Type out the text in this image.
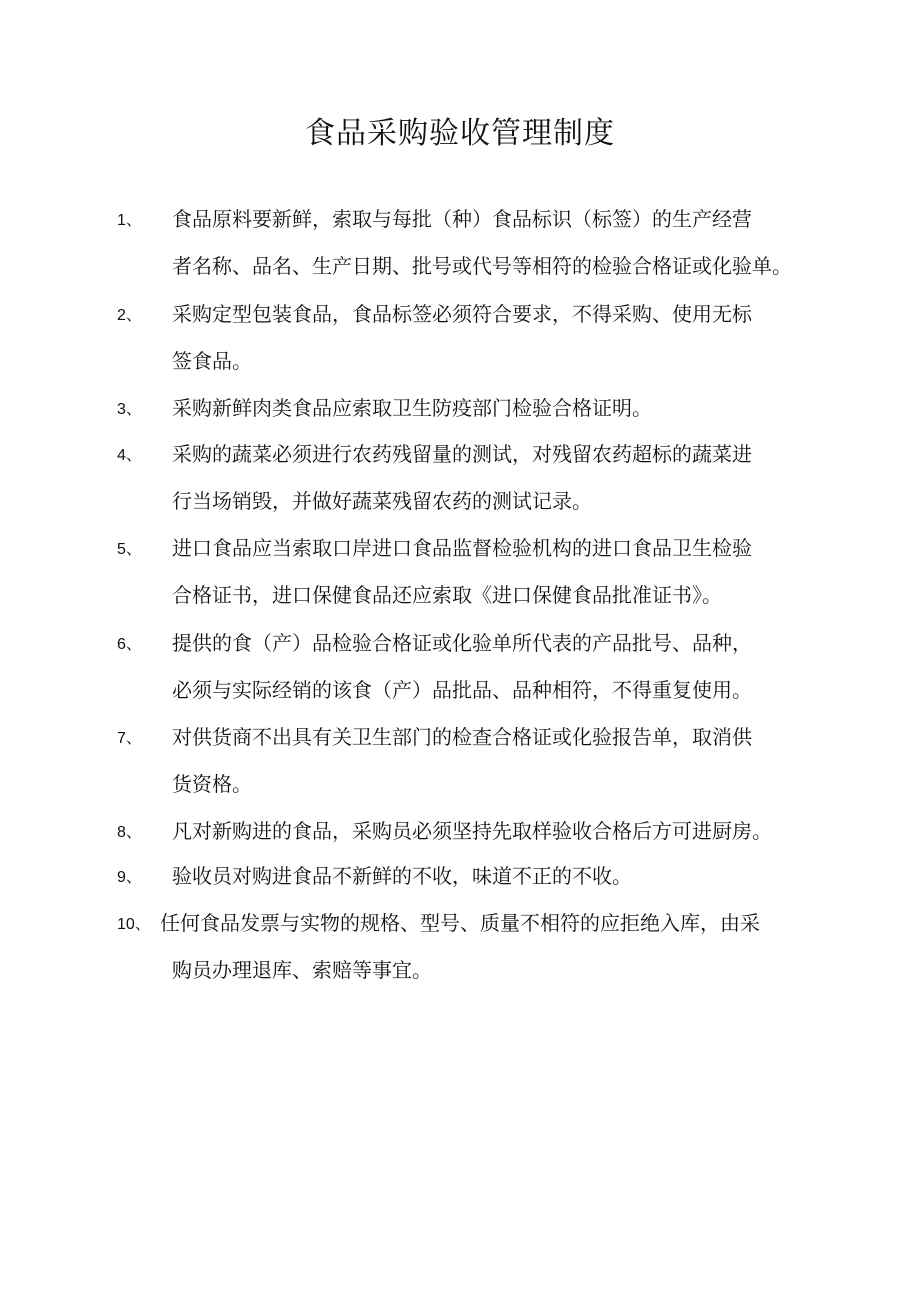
食品采购验收管理制度
1、 食品原料要新鲜，索取与每批（种）食品标识（标签）的生产经营
者名称、品名、生产日期、批号或代号等相符的检验合格证或化验单。
2、 采购定型包装食品，食品标签必须符合要求，不得采购、使用无标
签食品。
3、 采购新鲜肉类食品应索取卫生防疫部门检验合格证明。
4、 采购的蔬菜必须进行农药残留量的测试，对残留农药超标的蔬菜进
行当场销毁，并做好蔬菜残留农药的测试记录。
5、 进口食品应当索取口岸进口食品监督检验机构的进口食品卫生检验
合格证书，进口保健食品还应索取《进口保健食品批准证书》。
6、 提供的食（产）品检验合格证或化验单所代表的产品批号、品种，
必须与实际经销的该食（产）品批品、品种相符，不得重复使用。
7、 对供货商不出具有关卫生部门的检查合格证或化验报告单，取消供
货资格。
8、 凡对新购进的食品，采购员必须坚持先取样验收合格后方可进厨房。
9、 验收员对购进食品不新鲜的不收，味道不正的不收。
10、 任何食品发票与实物的规格、型号、质量不相符的应拒绝入库，由采
购员办理退库、索赔等事宜。
